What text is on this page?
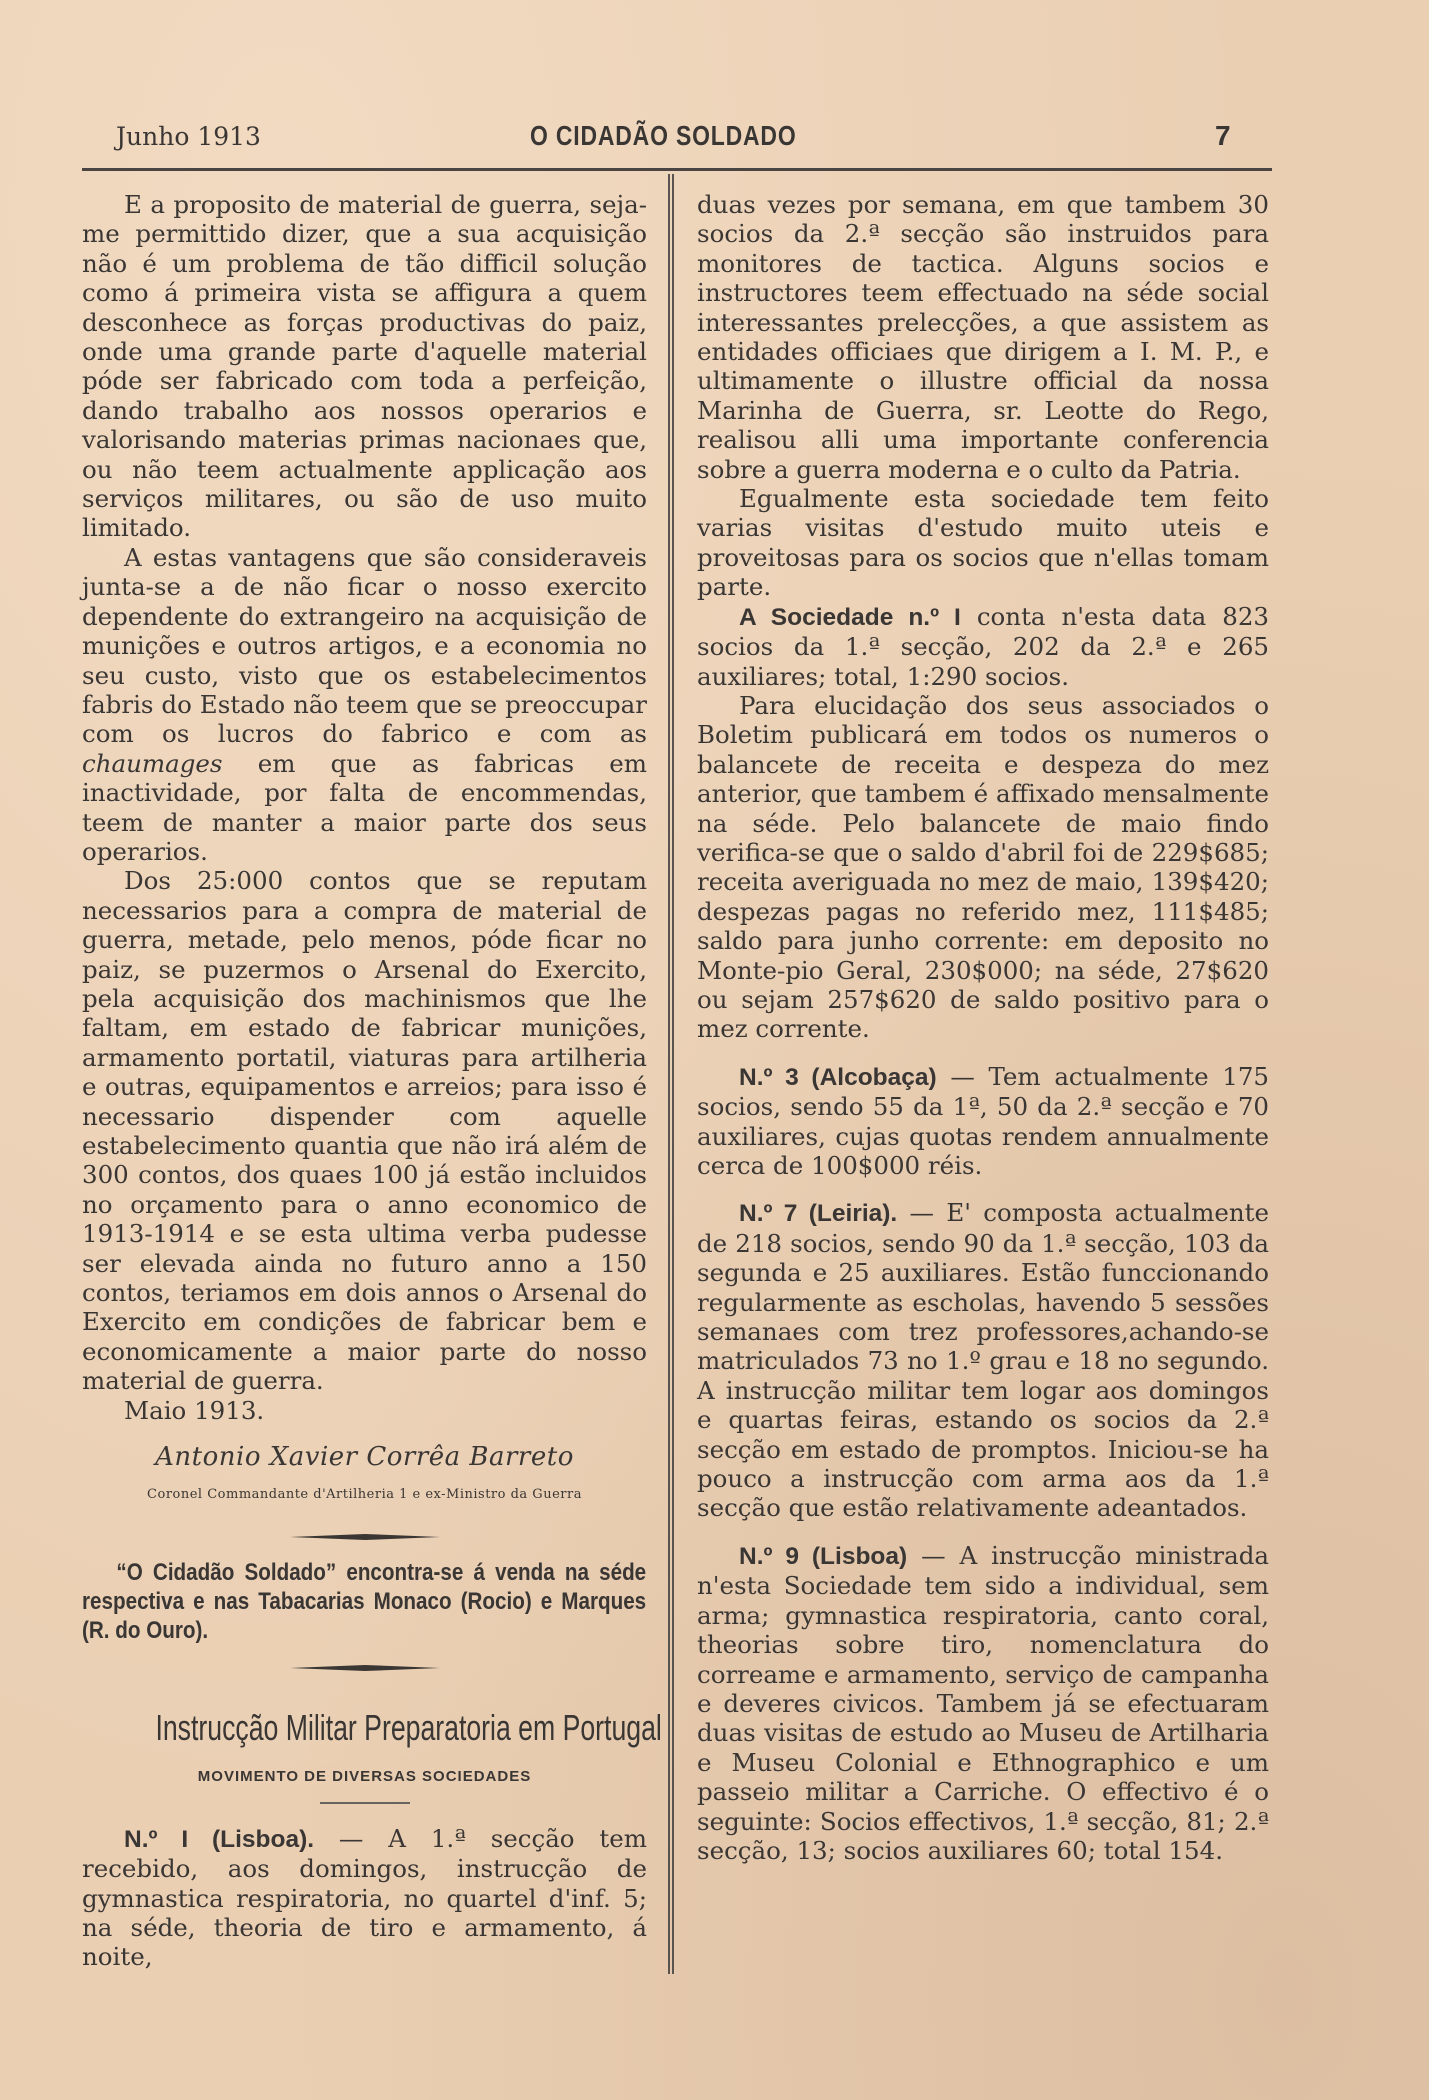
Junho 1913	O CIDADÃO SOLDADO	7

E a proposito de material de guerra, seja-me permittido dizer, que a sua acquisição não é um problema de tão difficil solução como á primeira vista se affigura a quem desconhece as forças productivas do paiz, onde uma grande parte d'aquelle material póde ser fabricado com toda a perfeição, dando trabalho aos nossos operarios e valorisando materias primas nacionaes que, ou não teem actualmente applicação aos serviços militares, ou são de uso muito limitado.

A estas vantagens que são consideraveis junta-se a de não ficar o nosso exercito dependente do extrangeiro na acquisição de munições e outros artigos, e a economia no seu custo, visto que os estabelecimentos fabris do Estado não teem que se preoccupar com os lucros do fabrico e com as chaumages em que as fabricas em inactividade, por falta de encommendas, teem de manter a maior parte dos seus operarios.

Dos 25:000 contos que se reputam necessarios para a compra de material de guerra, metade, pelo menos, póde ficar no paiz, se puzermos o Arsenal do Exercito, pela acquisição dos machinismos que lhe faltam, em estado de fabricar munições, armamento portatil, viaturas para artilheria e outras, equipamentos e arreios; para isso é necessario dispender com aquelle estabelecimento quantia que não irá além de 300 contos, dos quaes 100 já estão incluidos no orçamento para o anno economico de 1913-1914 e se esta ultima verba pudesse ser elevada ainda no futuro anno a 150 contos, teriamos em dois annos o Arsenal do Exercito em condições de fabricar bem e economicamente a maior parte do nosso material de guerra.

Maio 1913.

Antonio Xavier Corrêa Barreto
Coronel Commandante d'Artilheria 1 e ex-Ministro da Guerra
“O Cidadão Soldado” encontra-se á venda na séde respectiva e nas Tabacarias Monaco (Rocio) e Marques (R. do Ouro).
Instrucção Militar Preparatoria em Portugal
MOVIMENTO DE DIVERSAS SOCIEDADES

N.º I (Lisboa). — A 1.ª secção tem recebido, aos domingos, instrucção de gymnastica respiratoria, no quartel d'inf. 5; na séde, theoria de tiro e armamento, á noite,

duas vezes por semana, em que tambem 30 socios da 2.ª secção são instruidos para monitores de tactica. Alguns socios e instructores teem effectuado na séde social interessantes prelecções, a que assistem as entidades officiaes que dirigem a I. M. P., e ultimamente o illustre official da nossa Marinha de Guerra, sr. Leotte do Rego, realisou alli uma importante conferencia sobre a guerra moderna e o culto da Patria.

Egualmente esta sociedade tem feito varias visitas d'estudo muito uteis e proveitosas para os socios que n'ellas tomam parte.

A Sociedade n.º I conta n'esta data 823 socios da 1.ª secção, 202 da 2.ª e 265 auxiliares; total, 1:290 socios.

Para elucidação dos seus associados o Boletim publicará em todos os numeros o balancete de receita e despeza do mez anterior, que tambem é affixado mensalmente na séde. Pelo balancete de maio findo verifica-se que o saldo d'abril foi de 229$685; receita averiguada no mez de maio, 139$420; despezas pagas no referido mez, 111$485; saldo para junho corrente: em deposito no Monte-pio Geral, 230$000; na séde, 27$620 ou sejam 257$620 de saldo positivo para o mez corrente.

N.º 3 (Alcobaça) — Tem actualmente 175 socios, sendo 55 da 1ª, 50 da 2.ª secção e 70 auxiliares, cujas quotas rendem annualmente cerca de 100$000 réis.

N.º 7 (Leiria). — E' composta actualmente de 218 socios, sendo 90 da 1.ª secção, 103 da segunda e 25 auxiliares. Estão funccionando regularmente as escholas, havendo 5 sessões semanaes com trez professores,achando-se matriculados 73 no 1.º grau e 18 no segundo. A instrucção militar tem logar aos domingos e quartas feiras, estando os socios da 2.ª secção em estado de promptos. Iniciou-se ha pouco a instrucção com arma aos da 1.ª secção que estão relativamente adeantados.

N.º 9 (Lisboa) — A instrucção ministrada n'esta Sociedade tem sido a individual, sem arma; gymnastica respiratoria, canto coral, theorias sobre tiro, nomenclatura do correame e armamento, serviço de campanha e deveres civicos. Tambem já se efectuaram duas visitas de estudo ao Museu de Artilharia e Museu Colonial e Ethnographico e um passeio militar a Carriche. O effectivo é o seguinte: Socios effectivos, 1.ª secção, 81; 2.ª secção, 13; socios auxiliares 60; total 154.
